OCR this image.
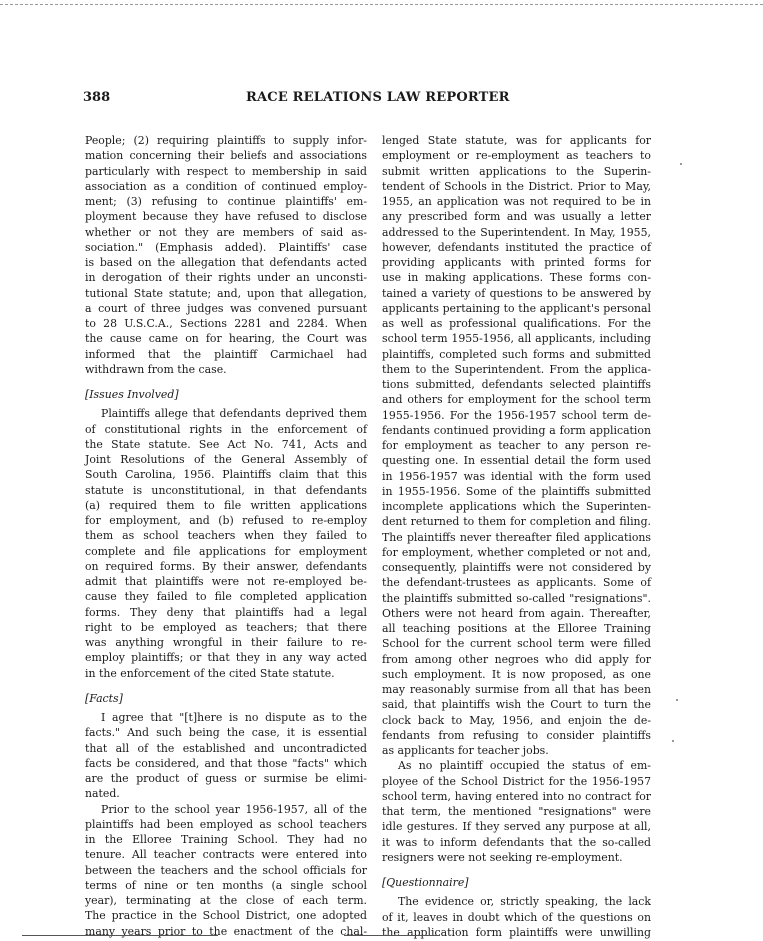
388	RACE RELATIONS LAW REPORTER
People; (2) requiring plaintiffs to supply infor-
mation concerning their beliefs and associations
particularly with respect to membership in said
association as a condition of continued employ-
ment; (3) refusing to continue plaintiffs' em-
ployment because they have refused to disclose
whether or not they are members of said as-
sociation." (Emphasis added). Plaintiffs' case
is based on the allegation that defendants acted
in derogation of their rights under an unconsti-
tutional State statute; and, upon that allegation,
a court of three judges was convened pursuant
to 28 U.S.C.A., Sections 2281 and 2284. When
the cause came on for hearing, the Court was
informed that the plaintiff Carmichael had
withdrawn from the case.
[Issues Involved]
Plaintiffs allege that defendants deprived them
of constitutional rights in the enforcement of
the State statute. See Act No. 741, Acts and
Joint Resolutions of the General Assembly of
South Carolina, 1956. Plaintiffs claim that this
statute is unconstitutional, in that defendants
(a) required them to file written applications
for employment, and (b) refused to re-employ
them as school teachers when they failed to
complete and file applications for employment
on required forms. By their answer, defendants
admit that plaintiffs were not re-employed be-
cause they failed to file completed application
forms. They deny that plaintiffs had a legal
right to be employed as teachers; that there
was anything wrongful in their failure to re-
employ plaintiffs; or that they in any way acted
in the enforcement of the cited State statute.
[Facts]
I agree that "[t]here is no dispute as to the
facts." And such being the case, it is essential
that all of the established and uncontradicted
facts be considered, and that those "facts" which
are the product of guess or surmise be elimi-
nated.
Prior to the school year 1956-1957, all of the
plaintiffs had been employed as school teachers
in the Elloree Training School. They had no
tenure. All teacher contracts were entered into
between the teachers and the school officials for
terms of nine or ten months (a single school
year), terminating at the close of each term.
The practice in the School District, one adopted
many years prior to the enactment of the chal-
lenged State statute, was for applicants for
employment or re-employment as teachers to
submit written applications to the Superin-
tendent of Schools in the District. Prior to May,
1955, an application was not required to be in
any prescribed form and was usually a letter
addressed to the Superintendent. In May, 1955,
however, defendants instituted the practice of
providing applicants with printed forms for
use in making applications. These forms con-
tained a variety of questions to be answered by
applicants pertaining to the applicant's personal
as well as professional qualifications. For the
school term 1955-1956, all applicants, including
plaintiffs, completed such forms and submitted
them to the Superintendent. From the applica-
tions submitted, defendants selected plaintiffs
and others for employment for the school term
1955-1956. For the 1956-1957 school term de-
fendants continued providing a form application
for employment as teacher to any person re-
questing one. In essential detail the form used
in 1956-1957 was idential with the form used
in 1955-1956. Some of the plaintiffs submitted
incomplete applications which the Superinten-
dent returned to them for completion and filing.
The plaintiffs never thereafter filed applications
for employment, whether completed or not and,
consequently, plaintiffs were not considered by
the defendant-trustees as applicants. Some of
the plaintiffs submitted so-called "resignations".
Others were not heard from again. Thereafter,
all teaching positions at the Elloree Training
School for the current school term were filled
from among other negroes who did apply for
such employment. It is now proposed, as one
may reasonably surmise from all that has been
said, that plaintiffs wish the Court to turn the
clock back to May, 1956, and enjoin the de-
fendants from refusing to consider plaintiffs
as applicants for teacher jobs.
As no plaintiff occupied the status of em-
ployee of the School District for the 1956-1957
school term, having entered into no contract for
that term, the mentioned "resignations" were
idle gestures. If they served any purpose at all,
it was to inform defendants that the so-called
resigners were not seeking re-employment.
[Questionnaire]
The evidence or, strictly speaking, the lack
of it, leaves in doubt which of the questions on
the application form plaintiffs were unwilling
